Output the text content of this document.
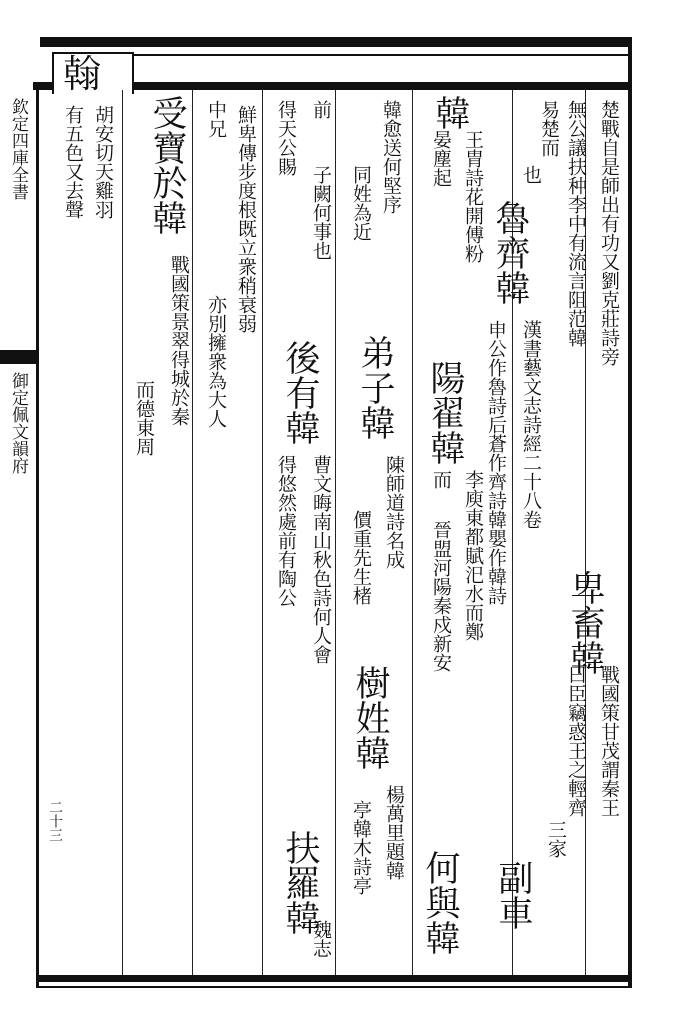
翰
欽定四庫全書
御定佩文韻府
二十三
楚戰自是師出有功又劉克莊詩旁
無公議扶种李中有流言阻范韓
卑畜韓
戰國策甘茂謂秦王
易楚而
曰臣竊惑王之輕齊
也
魯齊韓
漢書藝文志詩經二十八卷
三家
申公作魯詩后蒼作齊詩韓嬰作韓詩
副車
韓
王胄詩花開傅粉
陽翟韓
李庾東都賦汜水而鄭
晏塵起
而
晉盟河陽秦戍新安
何與韓
韓愈送何堅序
弟子韓
陳師道詩名成
樹姓韓
楊萬里題韓
同姓為近
價重先生楮
亭韓木詩亭
前
子闕何事也
後有韓
曹文晦南山秋色詩何人會
得天公賜
得悠然處前有陶公
扶羅韓
魏志
鮮卑傳步度根既立衆稍衰弱
中兄
亦別擁衆為大人
受寶於韓
戰國策景翠得城於秦
而德東周
胡安切天雞羽
有五色又去聲
